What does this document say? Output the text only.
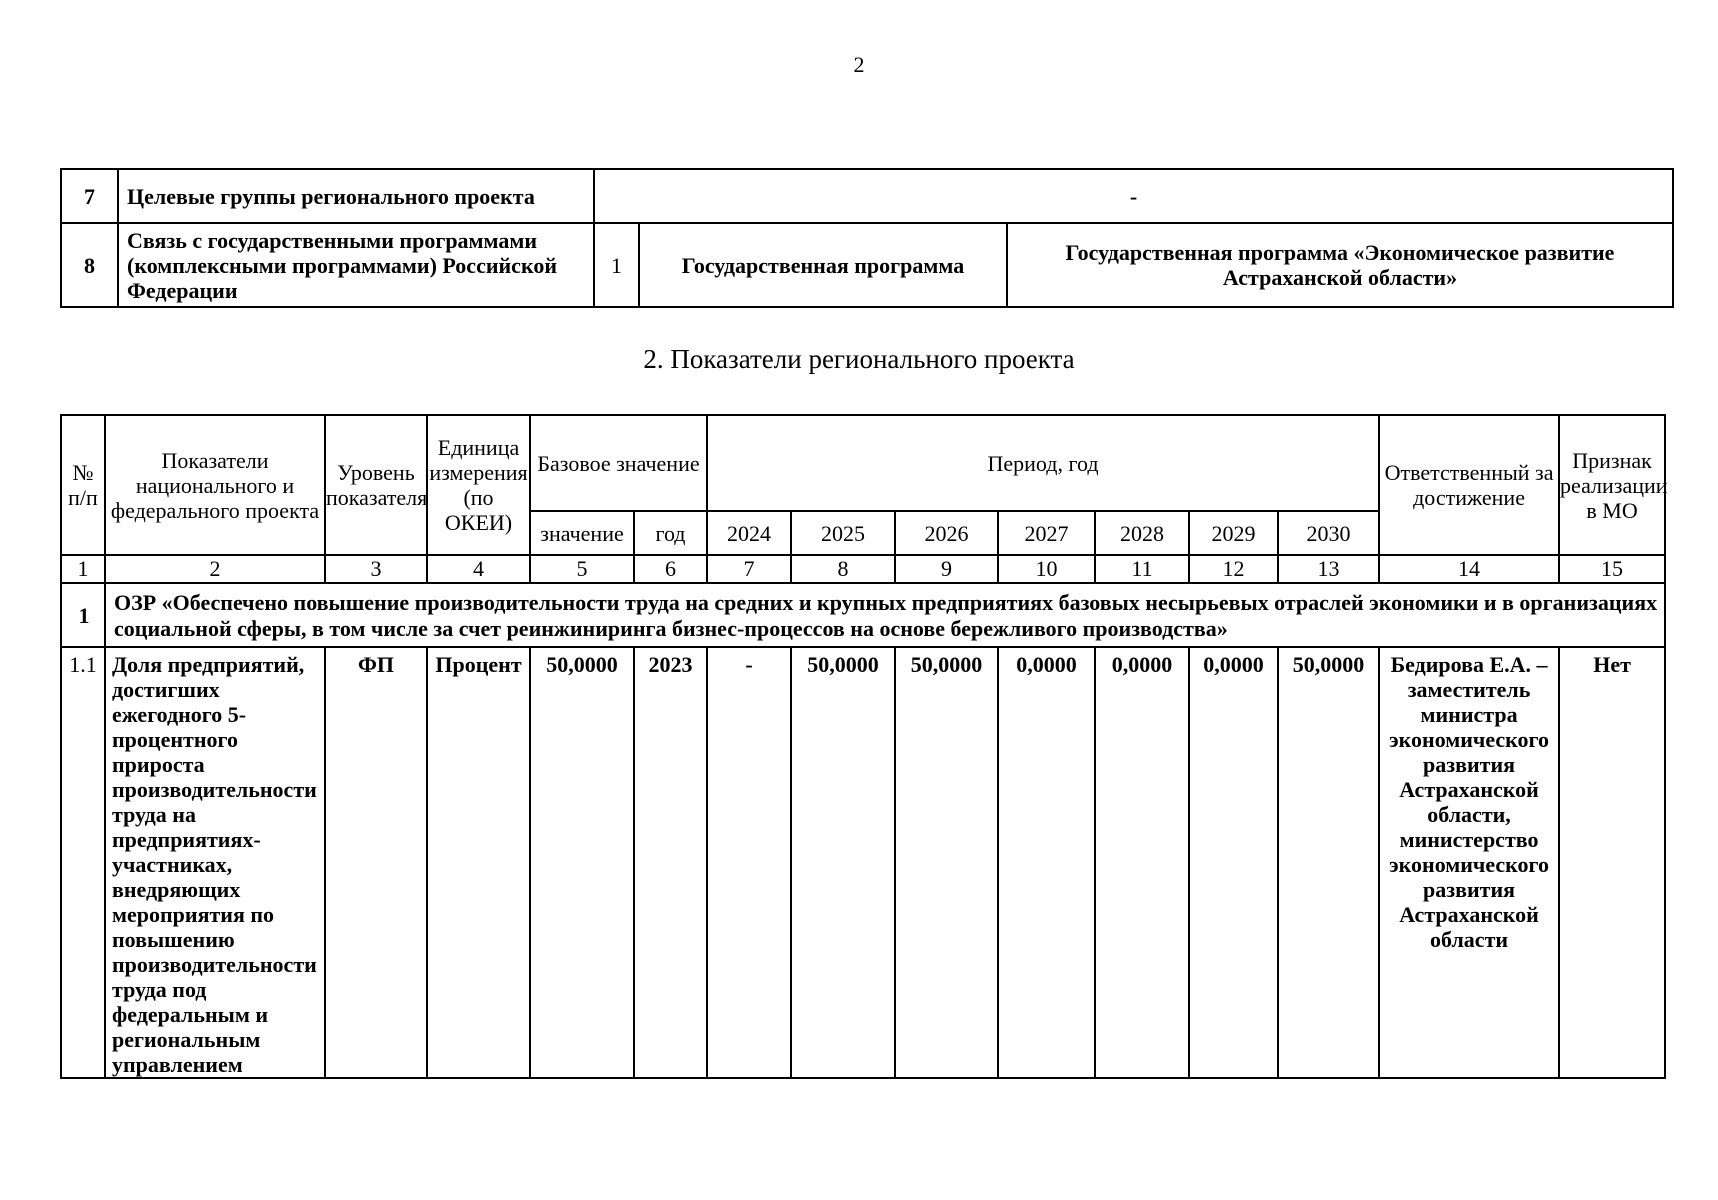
2
7	Целевые группы регионального проекта	-		
8	Связь с государственными программами (комплексными программами) Российской Федерации	1	Государственная программа	Государственная программа «Экономическое развитие Астраханской области»
2. Показатели регионального проекта
№ п/п	Показатели национального и федерального проекта	Уровень показателя	Единица измерения (по ОКЕИ)	Базовое значение		Период, год							Ответственный за достижение	Признак реализации в МО
				значение	год	2024	2025	2026	2027	2028	2029	2030		
1	2	3	4	5	6	7	8	9	10	11	12	13	14	15
1	ОЗР «Обеспечено повышение производительности труда на средних и крупных предприятиях базовых несырьевых отраслей экономики и в организациях социальной сферы, в том числе за счет реинжиниринга бизнес-процессов на основе бережливого производства»													
1.1	Доля предприятий, достигших ежегодного 5-процентного прироста производительности труда на предприятиях-участниках, внедряющих мероприятия по повышению производительности труда под федеральным и региональным управлением	ФП	Процент	50,0000	2023	-	50,0000	50,0000	0,0000	0,0000	0,0000	50,0000	Бедирова Е.А. – заместитель министра экономического развития Астраханской области, министерство экономического развития Астраханской области	Нет
